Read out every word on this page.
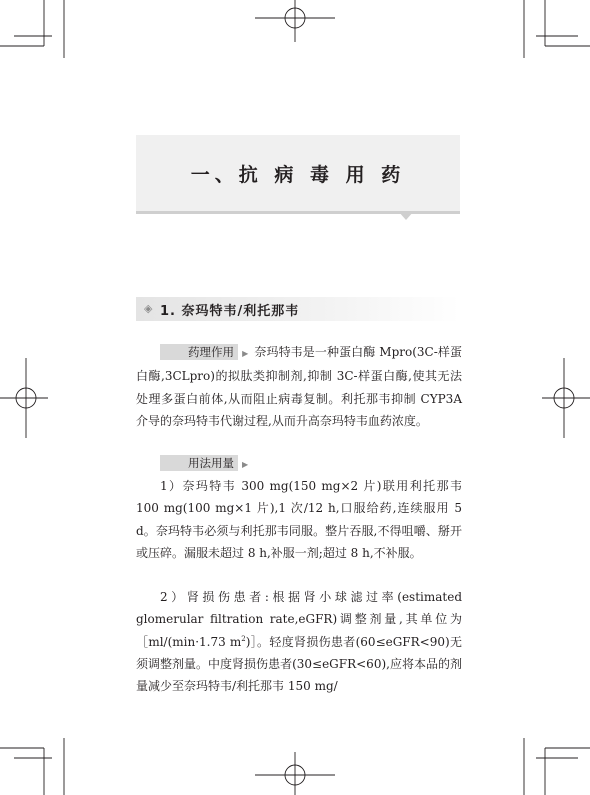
一、抗 病 毒 用 药
◈ 1. 奈玛特韦/利托那韦

药理作用 ▶ 奈玛特韦是一种蛋白酶 Mpro(3C-样蛋白酶,3CLpro)的拟肽类抑制剂,抑制 3C-样蛋白酶,使其无法处理多蛋白前体,从而阻止病毒复制。利托那韦抑制 CYP3A 介导的奈玛特韦代谢过程,从而升高奈玛特韦血药浓度。

用法用量 ▶

1）奈玛特韦 300 mg(150 mg×2 片)联用利托那韦 100 mg(100 mg×1 片),1 次/12 h,口服给药,连续服用 5 d。奈玛特韦必须与利托那韦同服。整片吞服,不得咀嚼、掰开或压碎。漏服未超过 8 h,补服一剂;超过 8 h,不补服。

2）肾损伤患者:根据肾小球滤过率(estimated glomerular filtration rate,eGFR)调整剂量,其单位为［ml/(min·1.73 $m^2)]$。轻度肾损伤患者(60≤eGFR<90)无须调整剂量。中度肾损伤患者(30≤eGFR<60),应将本品的剂量减少至奈玛特韦/利托那韦 150 mg/
